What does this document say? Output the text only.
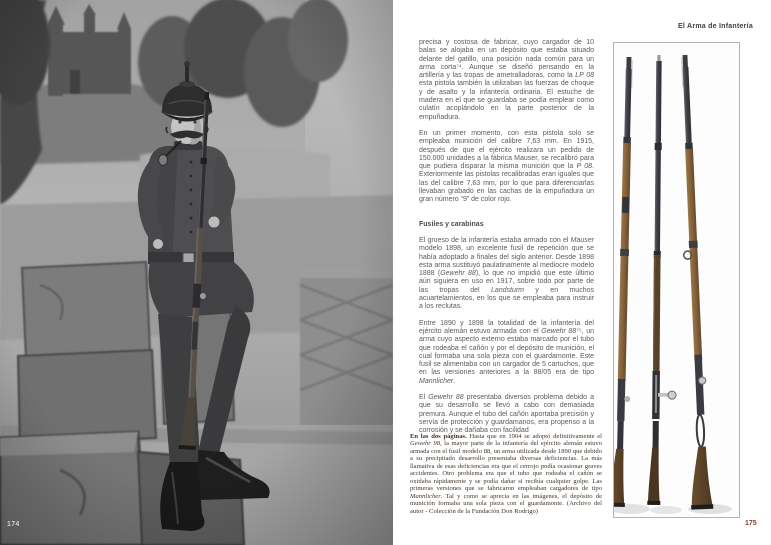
174
El Arma de Infantería

precisa y costosa de fabricar, cuyo cargador de 10 balas se alojaba en un depósito que estaba situado delante del gatillo, una posición nada común para un arma corta⁷⁴. Aunque se diseñó pensando en la artillería y las tropas de ametralladoras, como la LP 08 esta pistola también la utilizaban las fuerzas de choque y de asalto y la infantería ordinaria. El estuche de madera en el que se guardaba se podía emplear como culatín acoplándolo en la parte posterior de la empuñadura.

En un primer momento, con esta pistola solo se empleaba munición del calibre 7,63 mm. En 1915, después de que el ejército realizara un pedido de 150.000 unidades a la fábrica Mauser, se recalibró para que pudiera disparar la misma munición que la P 08. Exteriormente las pistolas recalibradas eran iguales que las del calibre 7,63 mm, por lo que para diferenciarlas llevaban grabado en las cachas de la empuñadura un gran número “9” de color rojo.

Fusiles y carabinas

El grueso de la infantería estaba armado con el Mauser modelo 1898, un excelente fusil de repetición que se había adoptado a finales del siglo anterior. Desde 1898 esta arma sustituyó paulatinamente al mediocre modelo 1888 (Gewehr 88), lo que no impidió que este último aún siguiera en uso en 1917, sobre todo por parte de las tropas del Landsturm y en muchos acuartelamientos, en los que se empleaba para instruir a los reclutas.

Entre 1890 y 1898 la totalidad de la infantería del ejército alemán estuvo armada con el Gewehr 88⁷⁵, un arma cuyo aspecto externo estaba marcado por el tubo que rodeaba el cañón y por el depósito de munición, el cual formaba una sola pieza con el guardamonte. Este fusil se alimentaba con un cargador de 5 cartuchos, que en las versiones anteriores a la 88/05 era de tipo Mannlicher.

El Gewehr 88 presentaba diversos problema debido a que su desarrollo se llevó a cabo con demasiada premura. Aunque el tubo del cañón aportaba precisión y servía de protección y guardamanos, era propenso a la corrosión y se dañaba con facilidad

En las dos páginas. Hasta que en 1904 se adoptó definitivamente el Gewehr 98, la mayor parte de la infantería del ejército alemán estuvo armada con el fusil modelo 88, un arma utilizada desde 1890 que debido a su precipitado desarrollo presentaba diversas deficiencias. La más llamativa de esas deficiencias era que el cerrojo podía ocasionar graves accidentes. Otro problema era que el tubo que rodeaba el cañón se oxidaba rápidamente y se podía dañar si recibía cualquier golpe. Las primeras versiones que se fabricaron empleaban cargadores de tipo Mannlicher. Tal y como se aprecia en las imágenes, el depósito de munición formaba una sola pieza con el guardamonte. (Archivo del autor - Colección de la Fundación Don Rodrigo)
175
